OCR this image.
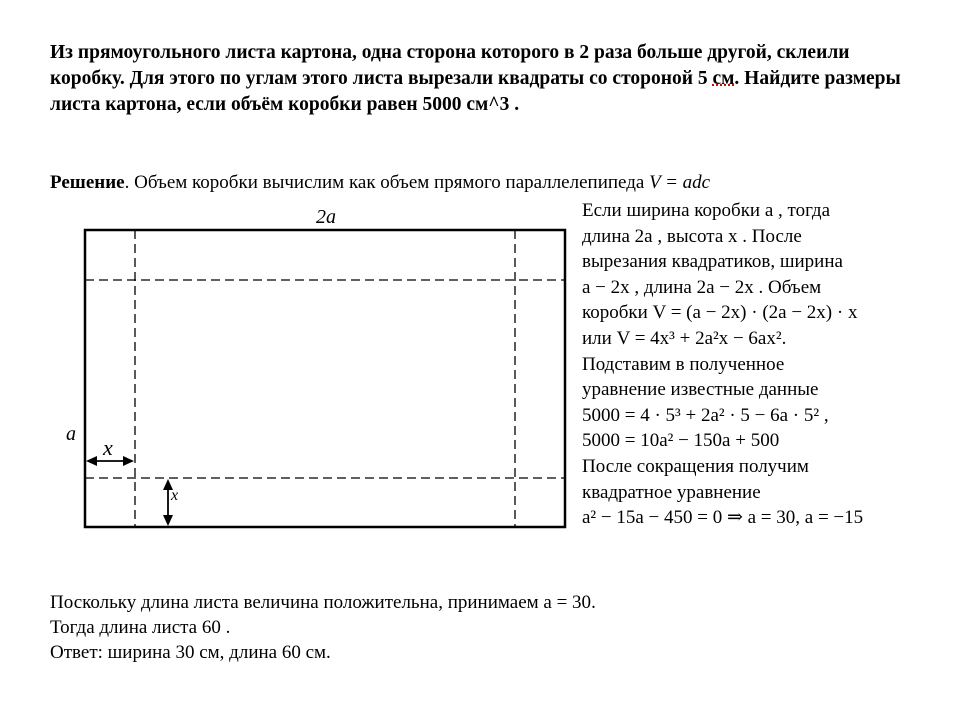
Из прямоугольного листа картона, одна сторона которого в 2 раза больше другой, склеили коробку. Для этого по углам этого листа вырезали квадраты со стороной 5 см. Найдите размеры листа картона, если объём коробки равен 5000 см^3 .

Решение. Объем коробки вычислим как объем прямого параллелепипеда V = adc

2a
a
x
x
Если ширина коробки a , тогда
длина 2a , высота x . После
вырезания квадратиков, ширина
a − 2x , длина 2a − 2x . Объем
коробки V = (a − 2x) · (2a − 2x) · x
или V = 4x³ + 2a²x − 6ax².
Подставим в полученное
уравнение известные данные
5000 = 4 · 5³ + 2a² · 5 − 6a · 5² ,
5000 = 10a² − 150a + 500
После сокращения получим
квадратное уравнение
a² − 15a − 450 = 0 ⇒ a = 30, a = −15
Поскольку длина листа величина положительна, принимаем a = 30.
Тогда длина листа 60 .
Ответ: ширина 30 см, длина 60 см.
